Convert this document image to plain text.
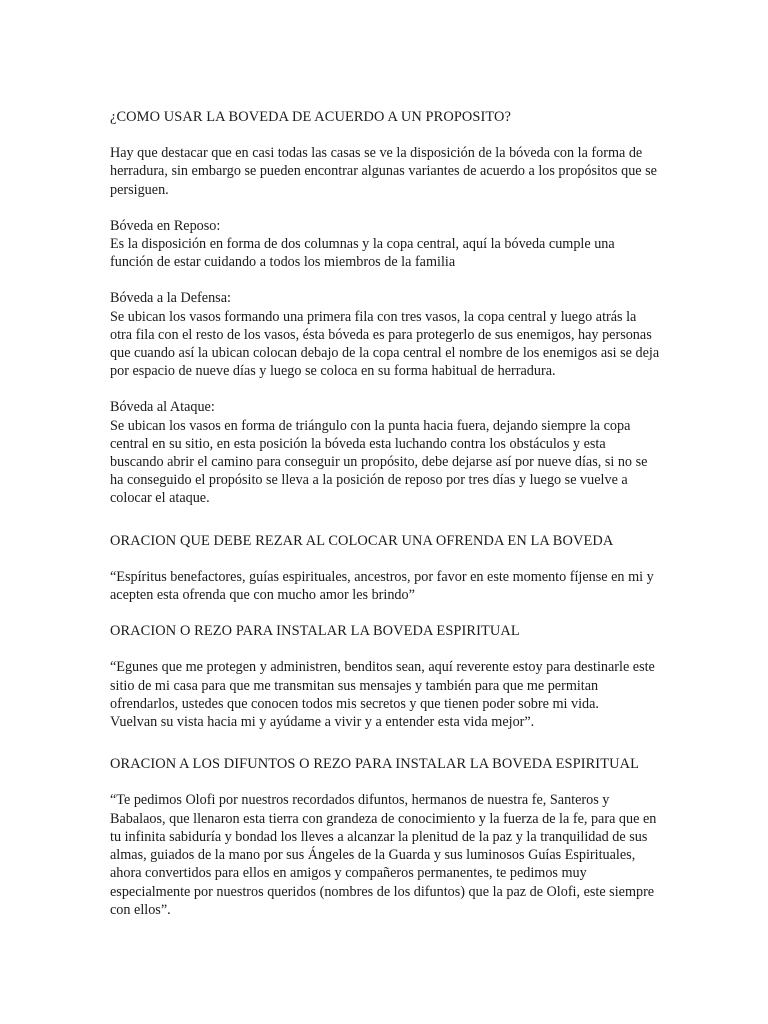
¿COMO USAR LA BOVEDA DE ACUERDO A UN PROPOSITO?

Hay que destacar que en casi todas las casas se ve la disposición de la bóveda con la forma de herradura, sin embargo se pueden encontrar algunas variantes de acuerdo a los propósitos que se persiguen.

Bóveda en Reposo:

Es la disposición en forma de dos columnas y la copa central, aquí la bóveda cumple una función de estar cuidando a todos los miembros de la familia

Bóveda a la Defensa:

Se ubican los vasos formando una primera fila con tres vasos, la copa central y luego atrás la otra fila con el resto de los vasos, ésta bóveda es para protegerlo de sus enemigos, hay personas que cuando así la ubican colocan debajo de la copa central el nombre de los enemigos asi se deja por espacio de nueve días y luego se coloca en su forma habitual de herradura.

Bóveda al Ataque:

Se ubican los vasos en forma de triángulo con la punta hacia fuera, dejando siempre la copa central en su sitio, en esta posición la bóveda esta luchando contra los obstáculos y esta buscando abrir el camino para conseguir un propósito, debe dejarse así por nueve días, si no se ha conseguido el propósito se lleva a la posición de reposo por tres días y luego se vuelve a colocar el ataque.

ORACION QUE DEBE REZAR AL COLOCAR UNA OFRENDA EN LA BOVEDA

“Espíritus benefactores, guías espirituales, ancestros, por favor en este momento fíjense en mi y acepten esta ofrenda que con mucho amor les brindo”

ORACION O REZO PARA INSTALAR LA BOVEDA ESPIRITUAL

“Egunes que me protegen y administren, benditos sean, aquí reverente estoy para destinarle este sitio de mi casa para que me transmitan sus mensajes y también para que me permitan ofrendarlos, ustedes que conocen todos mis secretos y que tienen poder sobre mi vida.

Vuelvan su vista hacia mi y ayúdame a vivir y a entender esta vida mejor”.

ORACION A LOS DIFUNTOS O REZO PARA INSTALAR LA BOVEDA ESPIRITUAL

“Te pedimos Olofi por nuestros recordados difuntos, hermanos de nuestra fe, Santeros y Babalaos, que llenaron esta tierra con grandeza de conocimiento y la fuerza de la fe, para que en tu infinita sabiduría y bondad los lleves a alcanzar la plenitud de la paz y la tranquilidad de sus almas, guiados de la mano por sus Ángeles de la Guarda y sus luminosos Guías Espirituales, ahora convertidos para ellos en amigos y compañeros permanentes, te pedimos muy especialmente por nuestros queridos (nombres de los difuntos) que la paz de Olofi, este siempre con ellos”.
